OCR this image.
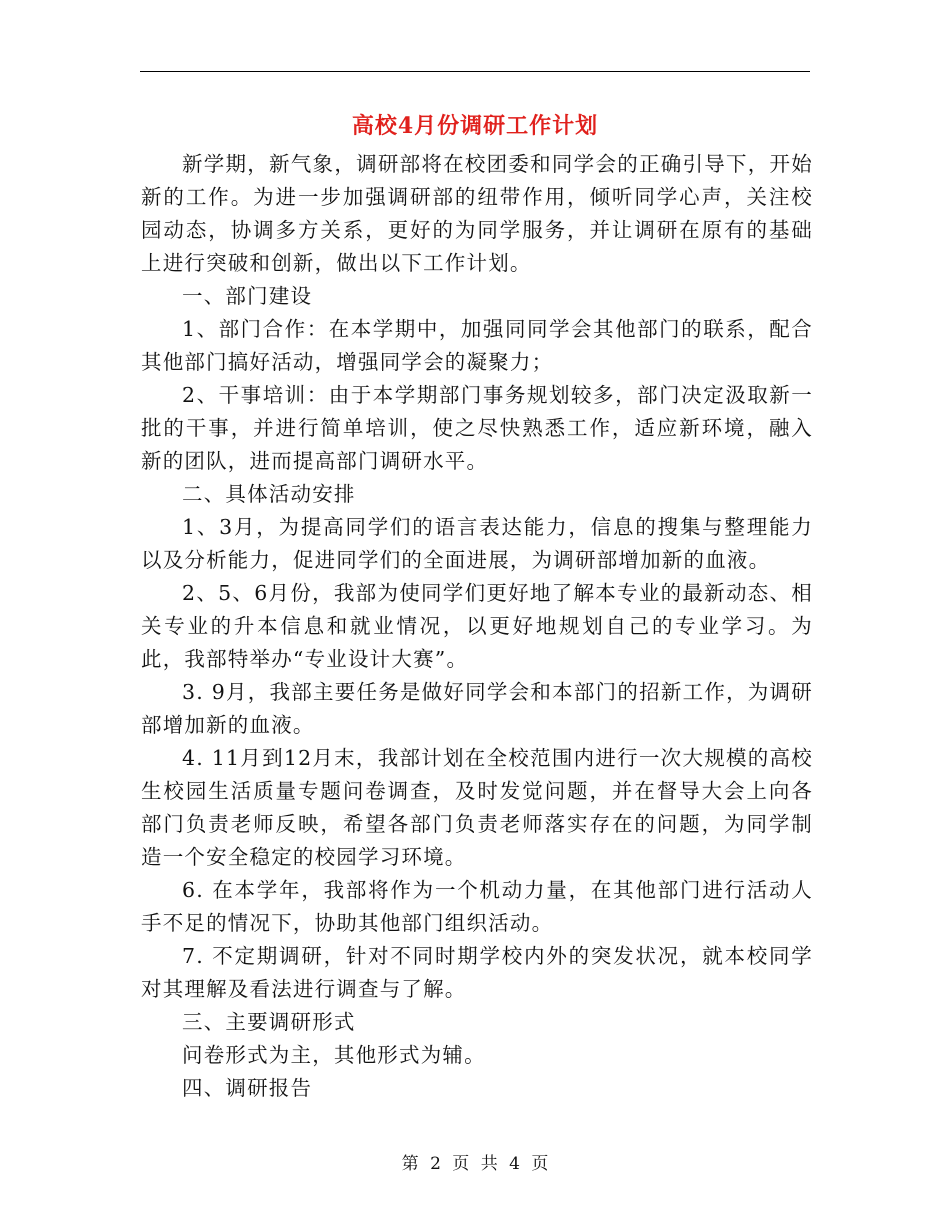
高校4月份调研工作计划

新学期，新气象，调研部将在校团委和同学会的正确引导下，开始新的工作。为进一步加强调研部的纽带作用，倾听同学心声，关注校园动态，协调多方关系，更好的为同学服务，并让调研在原有的基础上进行突破和创新，做出以下工作计划。

一、部门建设

1、部门合作：在本学期中，加强同同学会其他部门的联系，配合其他部门搞好活动，增强同学会的凝聚力；

2、干事培训：由于本学期部门事务规划较多，部门决定汲取新一批的干事，并进行简单培训，使之尽快熟悉工作，适应新环境，融入新的团队，进而提高部门调研水平。

二、具体活动安排

1、3月，为提高同学们的语言表达能力，信息的搜集与整理能力以及分析能力，促进同学们的全面进展，为调研部增加新的血液。

2、5、6月份，我部为使同学们更好地了解本专业的最新动态、相关专业的升本信息和就业情况，以更好地规划自己的专业学习。为此，我部特举办“专业设计大赛”。

3. 9月，我部主要任务是做好同学会和本部门的招新工作，为调研部增加新的血液。

4. 11月到12月末，我部计划在全校范围内进行一次大规模的高校生校园生活质量专题问卷调查，及时发觉问题，并在督导大会上向各部门负责老师反映，希望各部门负责老师落实存在的问题，为同学制造一个安全稳定的校园学习环境。

6. 在本学年，我部将作为一个机动力量，在其他部门进行活动人手不足的情况下，协助其他部门组织活动。

7. 不定期调研，针对不同时期学校内外的突发状况，就本校同学对其理解及看法进行调查与了解。

三、主要调研形式

问卷形式为主，其他形式为辅。

四、调研报告

第 2 页 共 4 页
